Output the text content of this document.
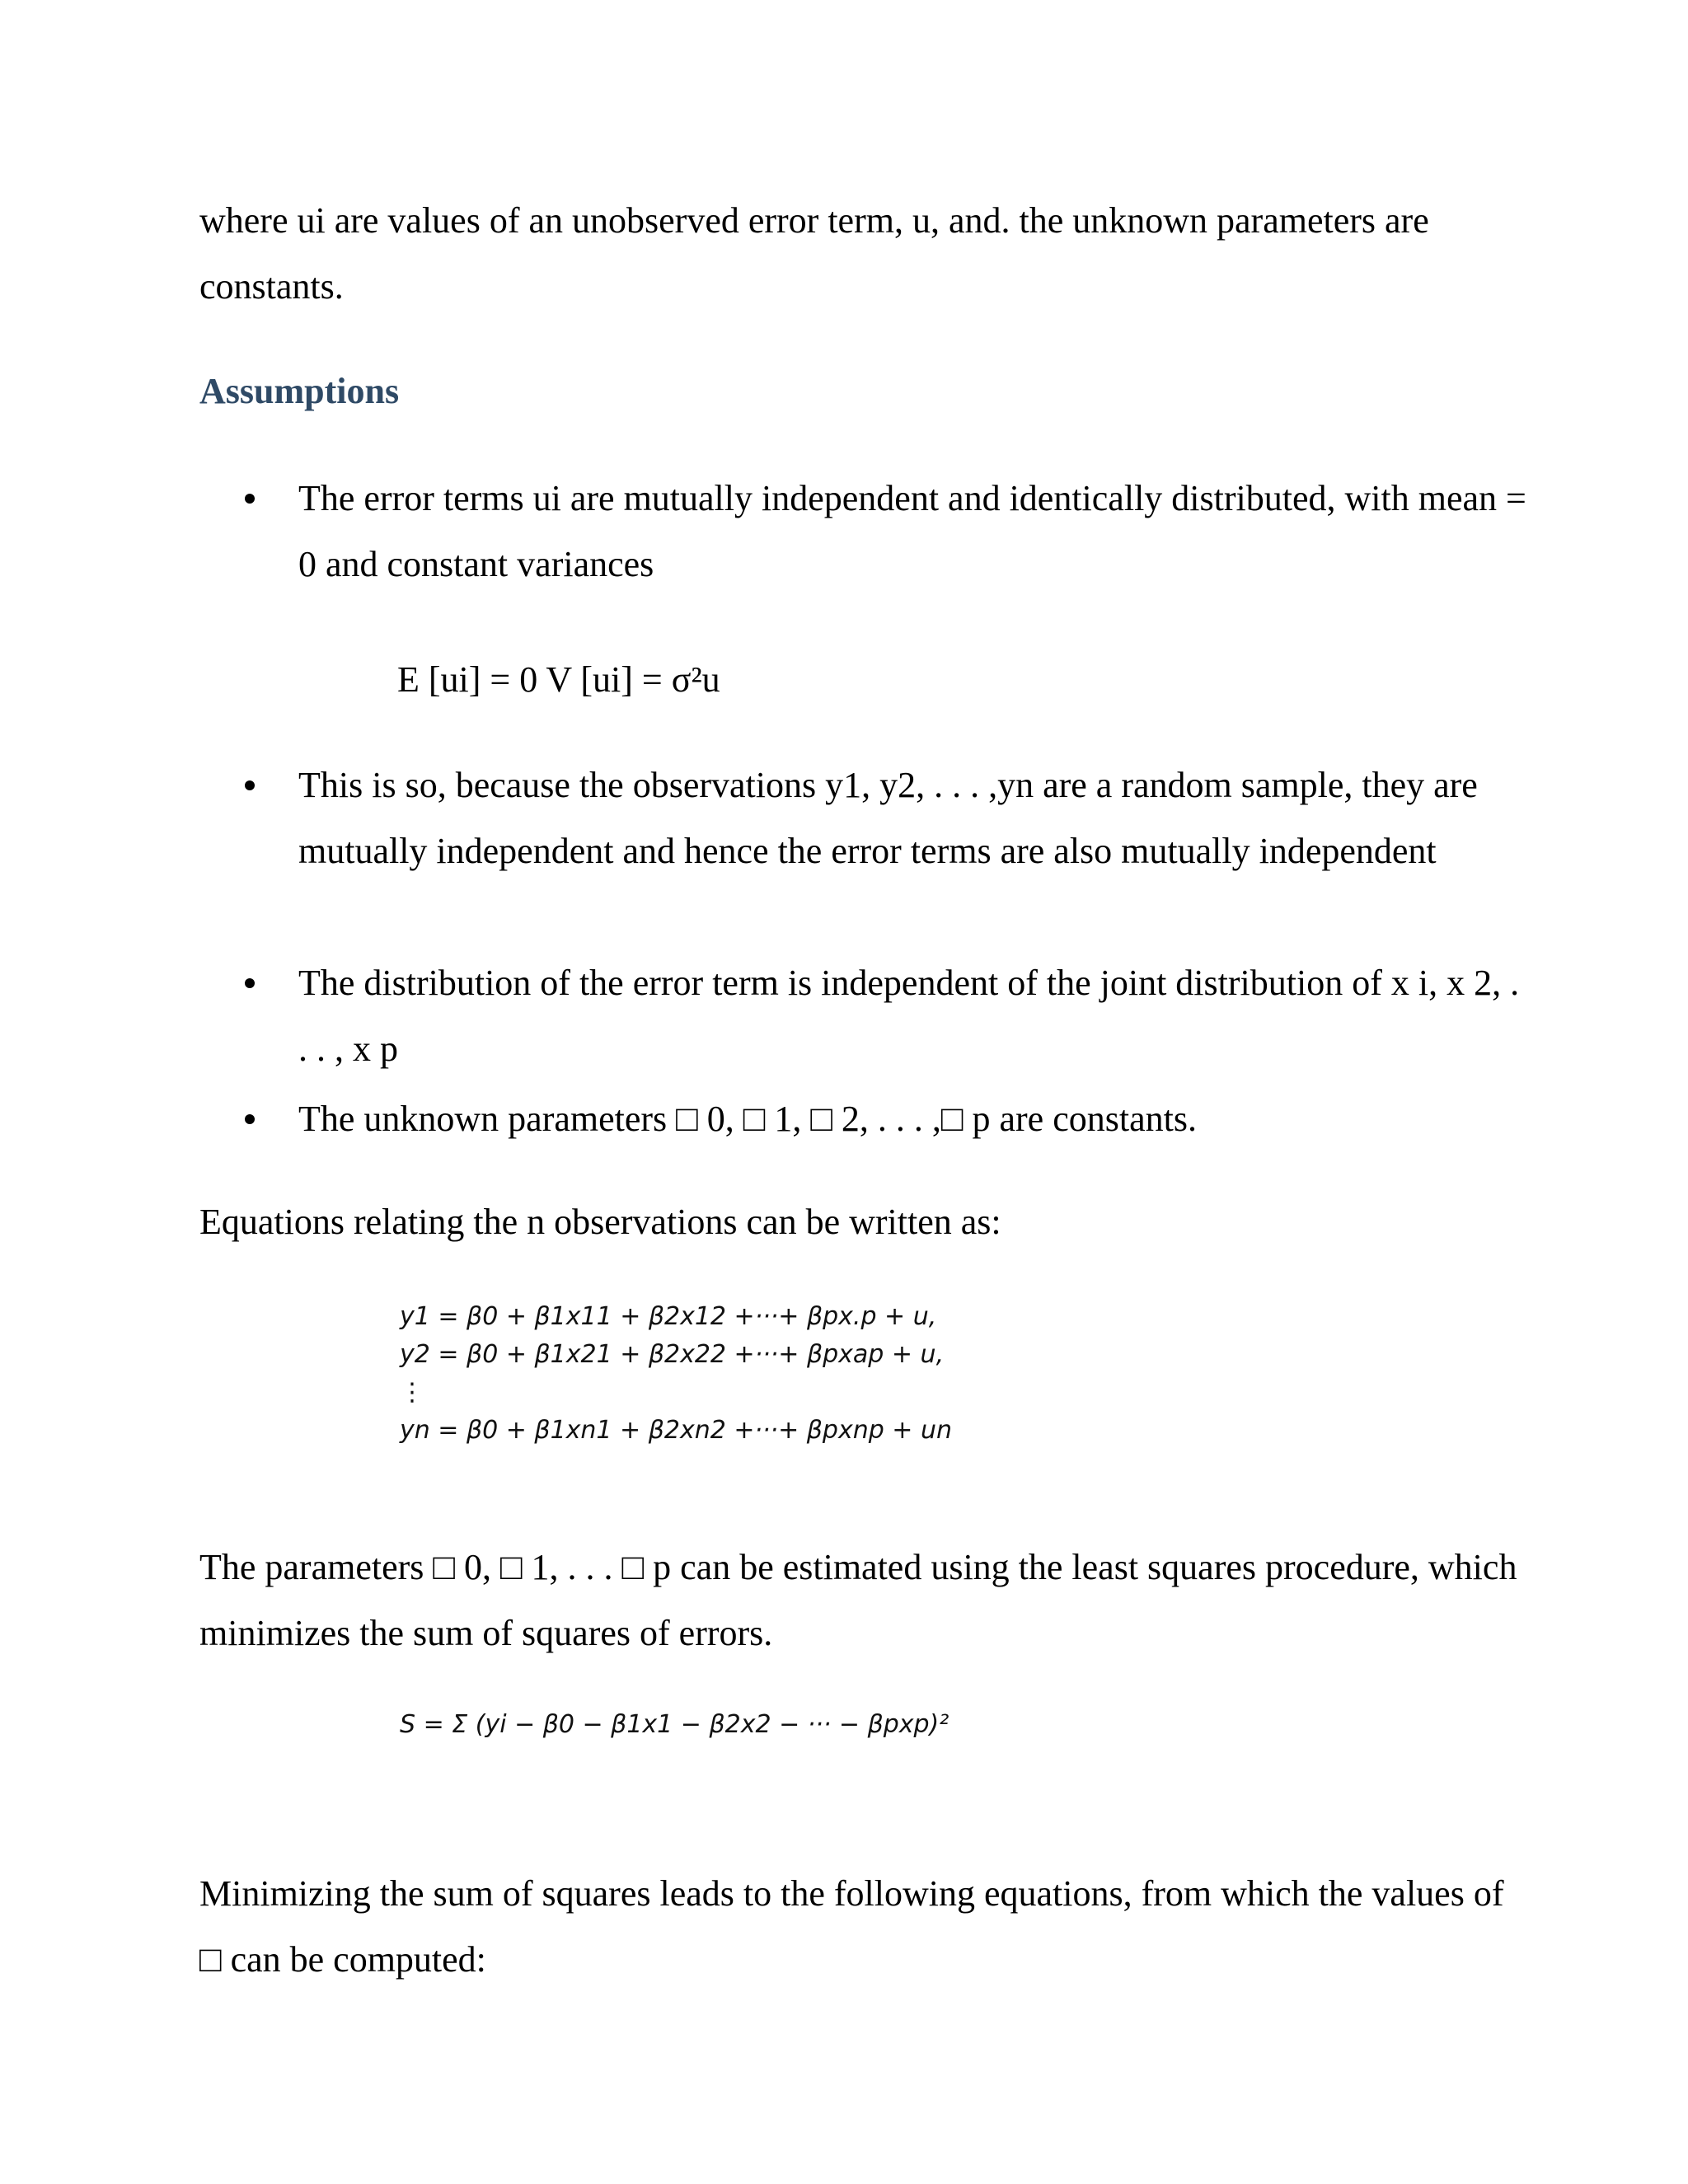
where ui are values of an unobserved error term, u, and. the unknown parameters are constants.

Assumptions
The error terms ui are mutually independent and identically distributed, with mean = 0 and constant variances
This is so, because the observations y1, y2, . . . ,yn are a random sample, they are mutually independent and hence the error terms are also mutually independent
The distribution of the error term is independent of the joint distribution of x i, x 2, . . . , x p
The unknown parameters □ 0, □ 1, □ 2, . . . ,□ p are constants.
E [ui] = 0 V [ui] = σ²u

Equations relating the n observations can be written as:

y1 = β0 + β1x11 + β2x12 +···+ βpx.p + u,
y2 = β0 + β1x21 + β2x22 +···+ βpxap + u,
⋮
yn = β0 + β1xn1 + β2xn2 +···+ βpxnp + un

The parameters □ 0, □ 1, . . . □ p can be estimated using the least squares procedure, which minimizes the sum of squares of errors.

S = Σ (yi − β0 − β1x1 − β2x2 − ··· − βpxp)²

Minimizing the sum of squares leads to the following equations, from which the values of □ can be computed:
